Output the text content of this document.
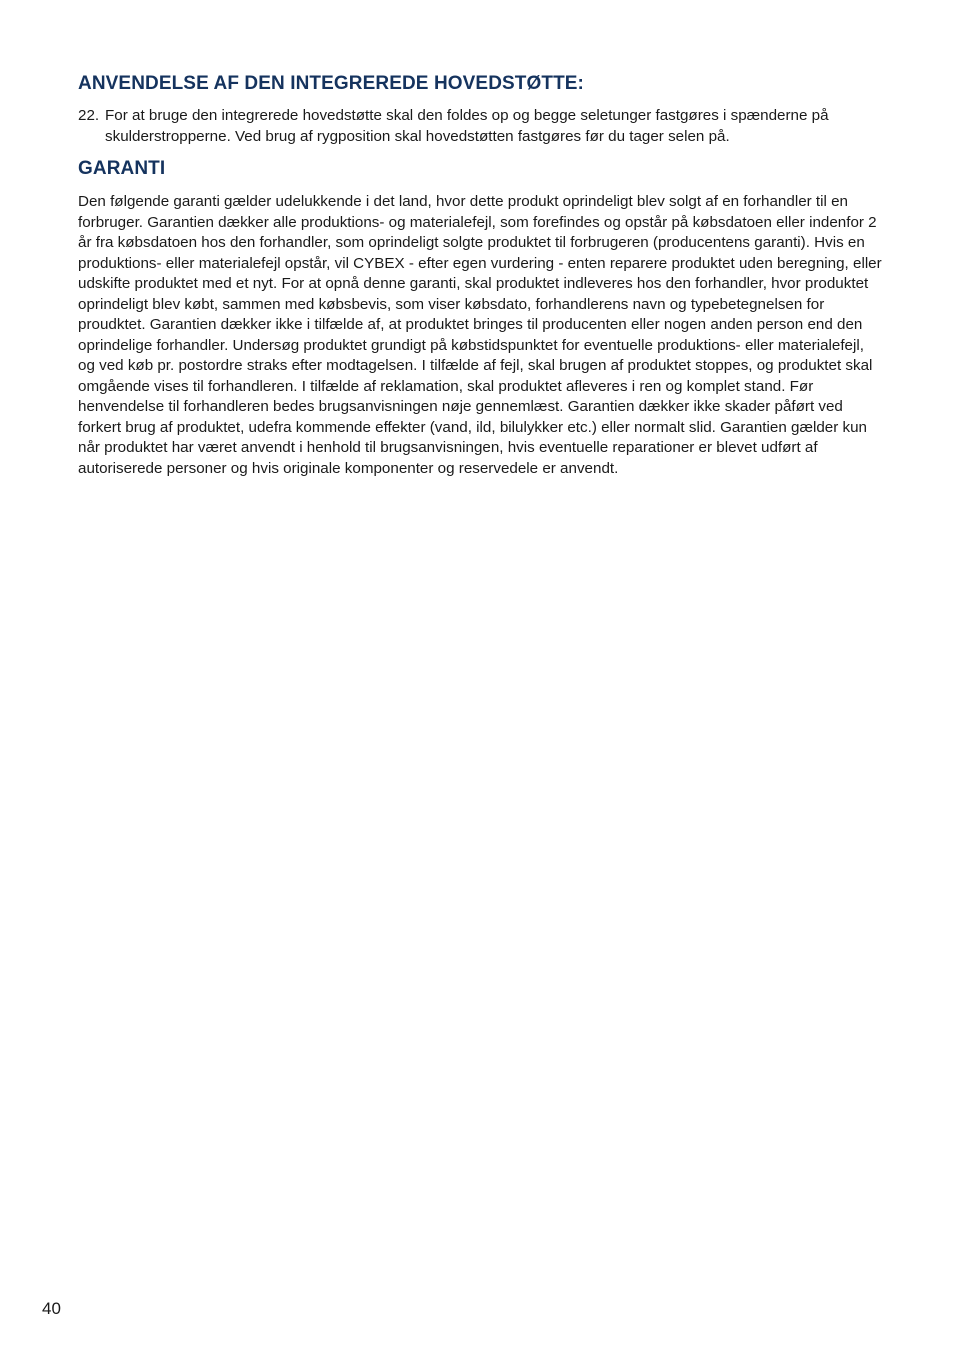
ANVENDELSE AF DEN INTEGREREDE HOVEDSTØTTE:
22. For at bruge den integrerede hovedstøtte skal den foldes op og begge seletunger fastgøres i spænderne på skulderstropperne. Ved brug af rygposition skal hovedstøtten fastgøres før du tager selen på.
GARANTI

Den følgende garanti gælder udelukkende i det land, hvor dette produkt oprindeligt blev solgt af en forhandler til en forbruger. Garantien dækker alle produktions- og materialefejl, som forefindes og opstår på købsdatoen eller indenfor 2 år fra købsdatoen hos den forhandler, som oprindeligt solgte produktet til forbrugeren (producentens garanti). Hvis en produktions- eller materialefejl opstår, vil CYBEX - efter egen vurdering - enten reparere produktet uden beregning, eller udskifte produktet med et nyt. For at opnå denne garanti, skal produktet indleveres hos den forhandler, hvor produktet oprindeligt blev købt, sammen med købsbevis, som viser købsdato, forhandlerens navn og typebetegnelsen for proudktet. Garantien dækker ikke i tilfælde af, at produktet bringes til producenten eller nogen anden person end den oprindelige forhandler. Undersøg produktet grundigt på købstidspunktet for eventuelle produktions- eller materialefejl, og ved køb pr. postordre straks efter modtagelsen. I tilfælde af fejl, skal brugen af produktet stoppes, og produktet skal omgående vises til forhandleren. I tilfælde af reklamation, skal produktet afleveres i ren og komplet stand. Før henvendelse til forhandleren bedes brugsanvisningen nøje gennemlæst. Garantien dækker ikke skader påført ved forkert brug af produktet, udefra kommende effekter (vand, ild, bilulykker etc.) eller normalt slid. Garantien gælder kun når produktet har været anvendt i henhold til brugsanvisningen, hvis eventuelle reparationer er blevet udført af autoriserede personer og hvis originale komponenter og reservedele er anvendt.

40
